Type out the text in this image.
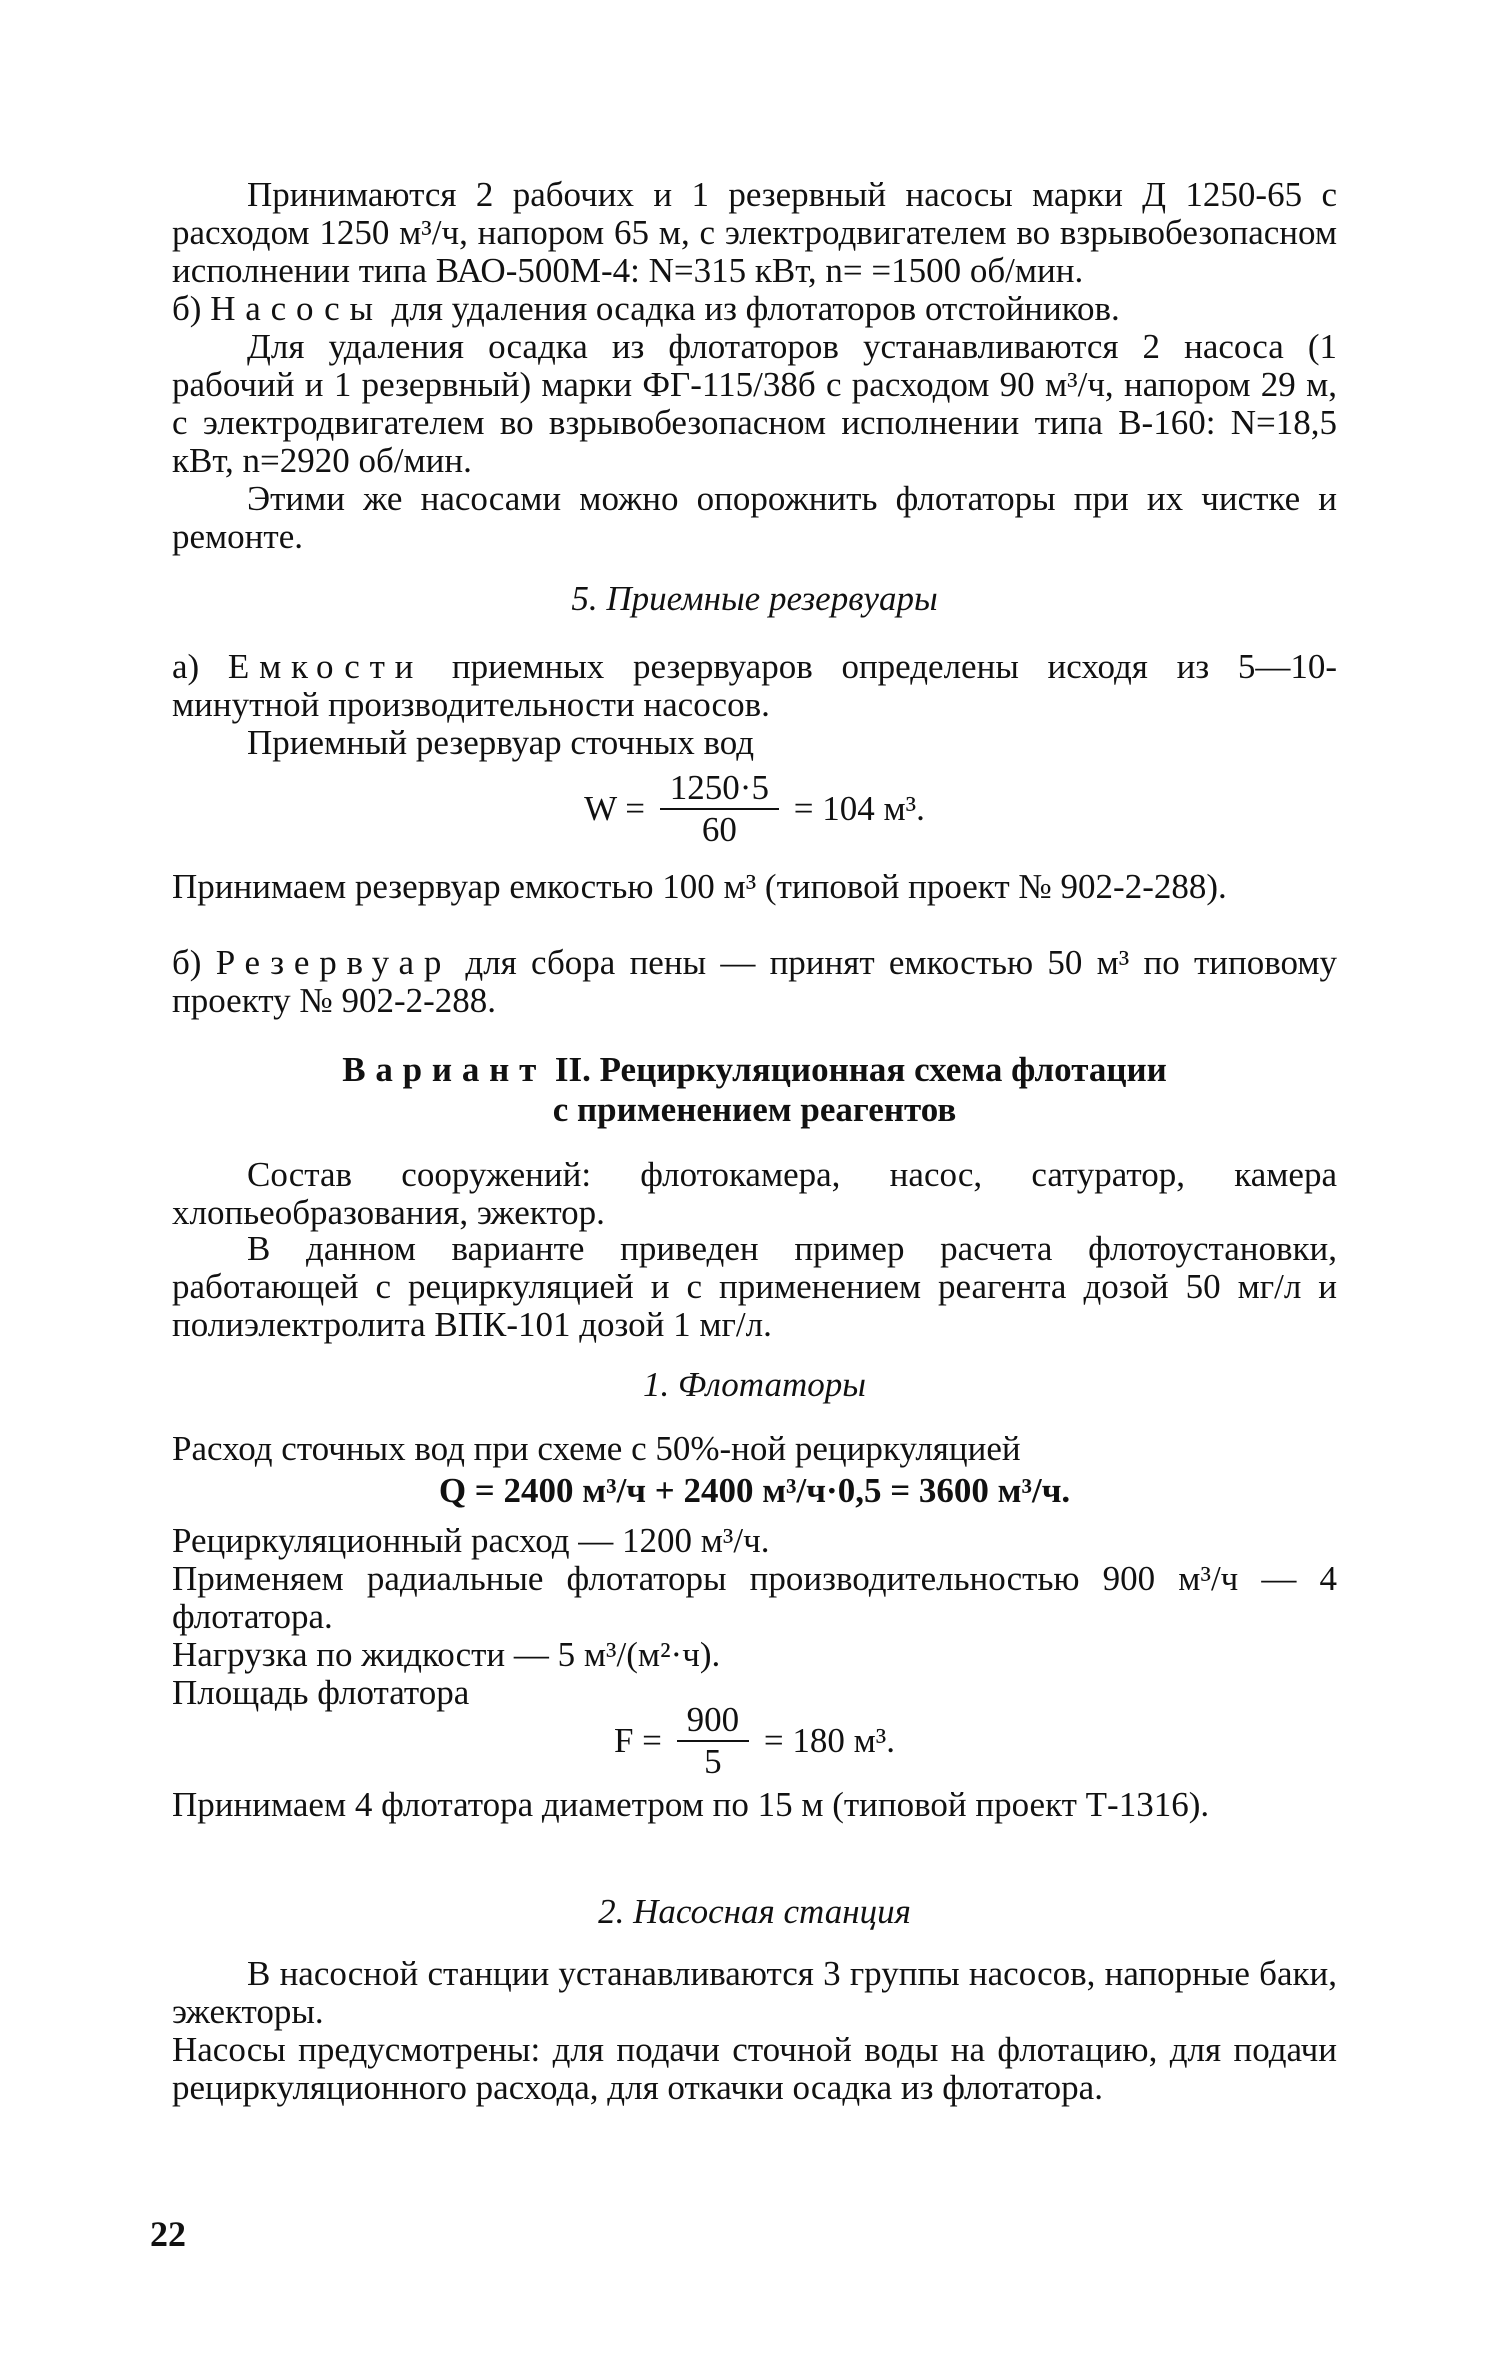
Принимаются 2 рабочих и 1 резервный насосы марки Д 1250-65 с расходом 1250 м³/ч, напором 65 м, с электродвигателем во взрывобезопасном исполнении типа ВАО-500М-4: N=315 кВт, n= =1500 об/мин.

б) Насосы для удаления осадка из флотаторов отстойников.

Для удаления осадка из флотаторов устанавливаются 2 насоса (1 рабочий и 1 резервный) марки ФГ-115/38б с расходом 90 м³/ч, напором 29 м, с электродвигателем во взрывобезопасном исполнении типа В-160: N=18,5 кВт, n=2920 об/мин.

Этими же насосами можно опорожнить флотаторы при их чистке и ремонте.

5. Приемные резервуары

а) Емкости приемных резервуаров определены исходя из 5—10-минутной производительности насосов.

Приемный резервуар сточных вод

$W = \frac{1250\cdot 5}{60} = 104$ м³.

Принимаем резервуар емкостью 100 м³ (типовой проект № 902-2-288).

б) Резервуар для сбора пены — принят емкостью 50 м³ по типовому проекту № 902-2-288.

Вариант II. Рециркуляционная схема флотации

с применением реагентов

Состав сооружений: флотокамера, насос, сатуратор, камера хлопьеобразования, эжектор.

В данном варианте приведен пример расчета флотоустановки, работающей с рециркуляцией и с применением реагента дозой 50 мг/л и полиэлектролита ВПК-101 дозой 1 мг/л.

1. Флотаторы

Расход сточных вод при схеме с 50%-ной рециркуляцией

Q = 2400 м³/ч + 2400 м³/ч·0,5 = 3600 м³/ч.

Рециркуляционный расход — 1200 м³/ч.

Применяем радиальные флотаторы производительностью 900 м³/ч — 4 флотатора.

Нагрузка по жидкости — 5 м³/(м²·ч).

Площадь флотатора

$F = \frac{900}{5} = 180$ м³.

Принимаем 4 флотатора диаметром по 15 м (типовой проект Т-1316).

2. Насосная станция

В насосной станции устанавливаются 3 группы насосов, напорные баки, эжекторы.

Насосы предусмотрены: для подачи сточной воды на флотацию, для подачи рециркуляционного расхода, для откачки осадка из флотатора.

22
